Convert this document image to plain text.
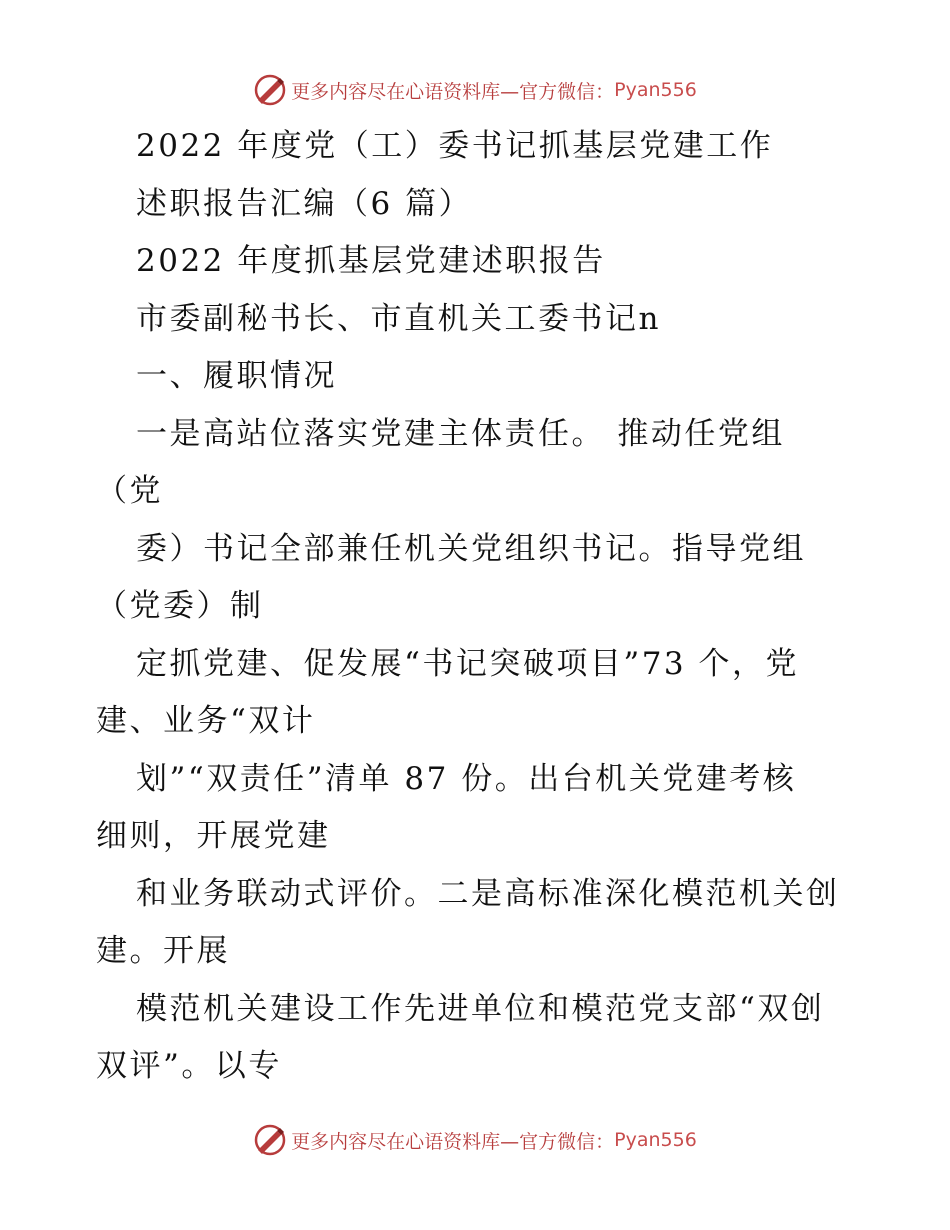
更多内容尽在心语资料库—官方微信： Pyan556
2022 年度党（工）委书记抓基层党建工作
述职报告汇编（6 篇）
2022 年度抓基层党建述职报告
市委副秘书长、市直机关工委书记n
一、履职情况
一是高站位落实党建主体责任。 推动任党组
（党
委）书记全部兼任机关党组织书记。指导党组
（党委）制
定抓党建、促发展“书记突破项目”73 个，党
建、业务“双计
划”“双责任”清单 87 份。出台机关党建考核
细则，开展党建
和业务联动式评价。二是高标准深化模范机关创
建。开展
模范机关建设工作先进单位和模范党支部“双创
双评”。以专
更多内容尽在心语资料库—官方微信： Pyan556
